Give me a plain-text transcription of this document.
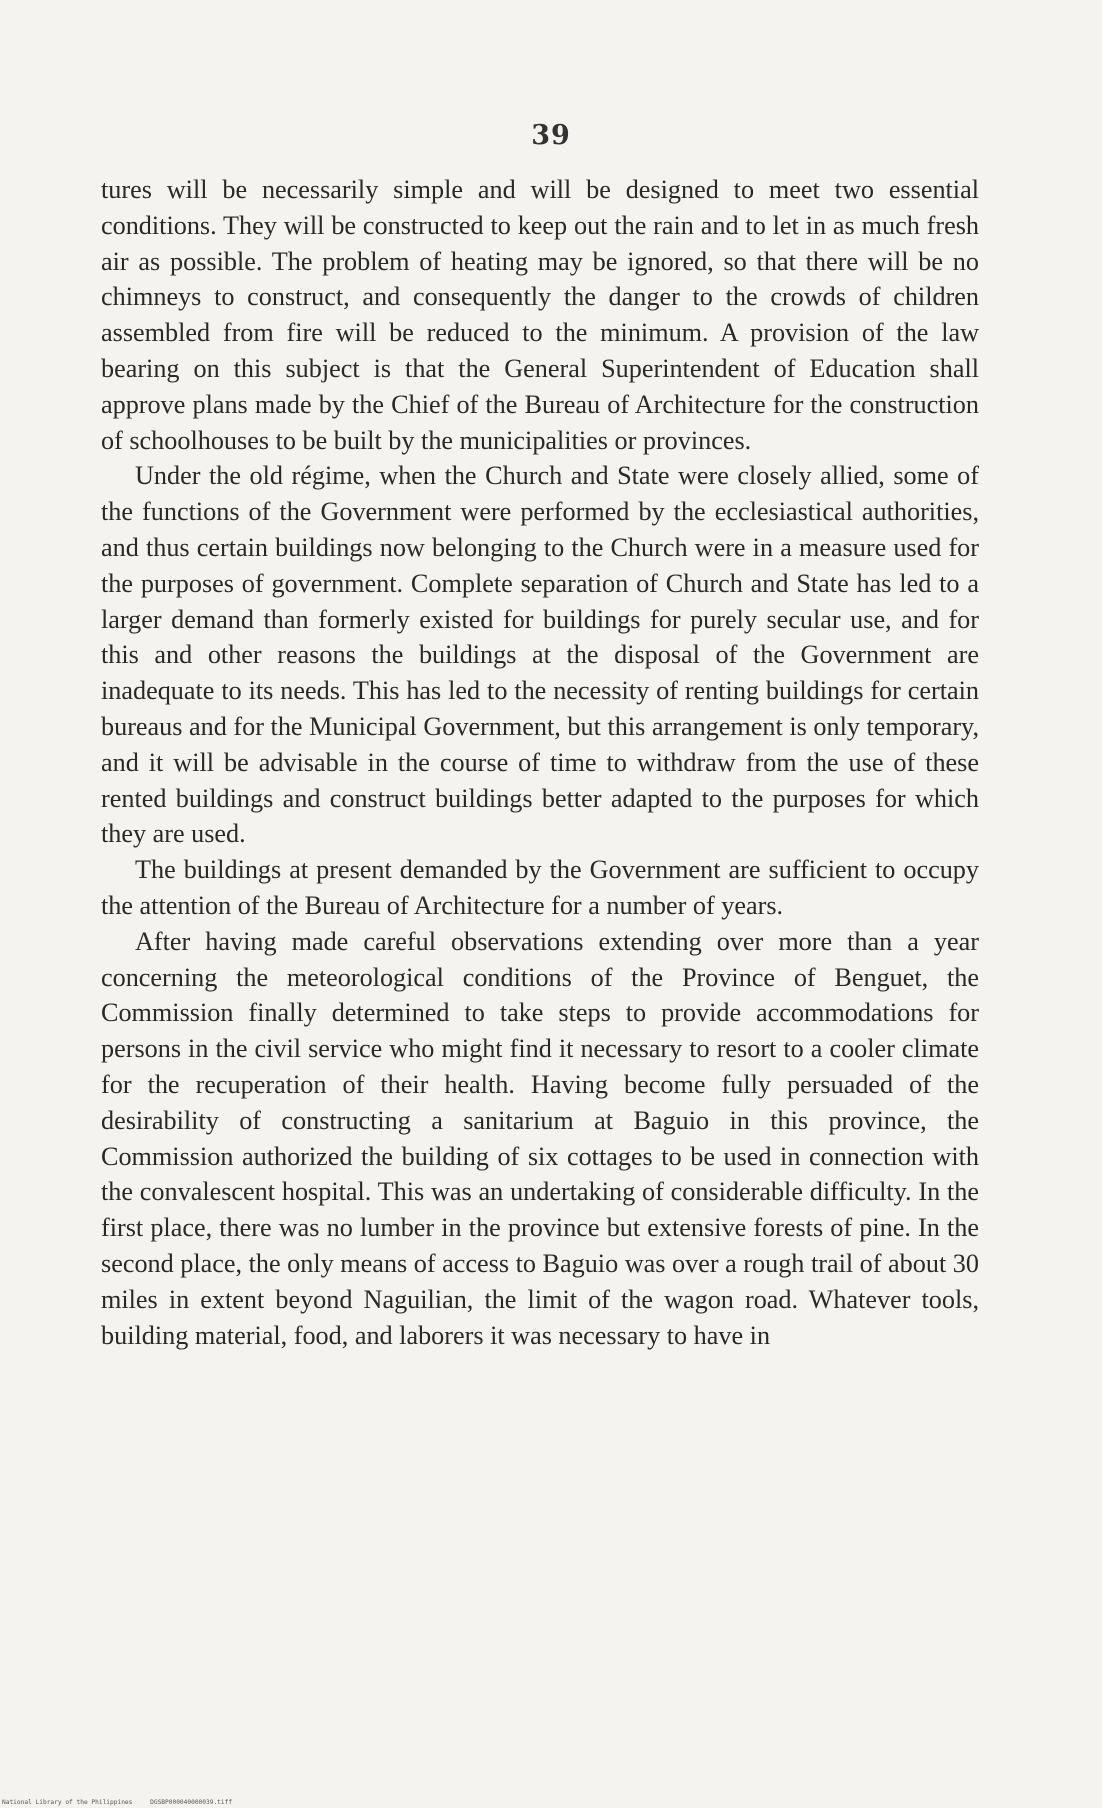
39

tures will be necessarily simple and will be designed to meet two essential conditions. They will be constructed to keep out the rain and to let in as much fresh air as possible. The problem of heating may be ignored, so that there will be no chimneys to construct, and consequently the danger to the crowds of children assembled from fire will be reduced to the minimum. A provision of the law bearing on this subject is that the General Superintendent of Education shall approve plans made by the Chief of the Bureau of Architecture for the construction of schoolhouses to be built by the municipalities or provinces.

Under the old régime, when the Church and State were closely allied, some of the functions of the Government were performed by the ecclesiastical authorities, and thus certain buildings now belonging to the Church were in a measure used for the purposes of government. Complete separation of Church and State has led to a larger demand than formerly existed for buildings for purely secular use, and for this and other reasons the buildings at the disposal of the Government are inadequate to its needs. This has led to the necessity of renting buildings for certain bureaus and for the Municipal Government, but this arrangement is only temporary, and it will be advisable in the course of time to withdraw from the use of these rented buildings and construct buildings better adapted to the purposes for which they are used.

The buildings at present demanded by the Government are sufficient to occupy the attention of the Bureau of Architecture for a number of years.

After having made careful observations extending over more than a year concerning the meteorological conditions of the Province of Benguet, the Commission finally determined to take steps to provide accommodations for persons in the civil service who might find it necessary to resort to a cooler climate for the recuperation of their health. Having become fully persuaded of the desirability of constructing a sanitarium at Baguio in this province, the Commission authorized the building of six cottages to be used in connection with the convalescent hospital. This was an undertaking of considerable difficulty. In the first place, there was no lumber in the province but extensive forests of pine. In the second place, the only means of access to Baguio was over a rough trail of about 30 miles in extent beyond Naguilian, the limit of the wagon road. Whatever tools, building material, food, and laborers it was necessary to have in

National Library of the Philippines	DGSBP000040000039.tiff
